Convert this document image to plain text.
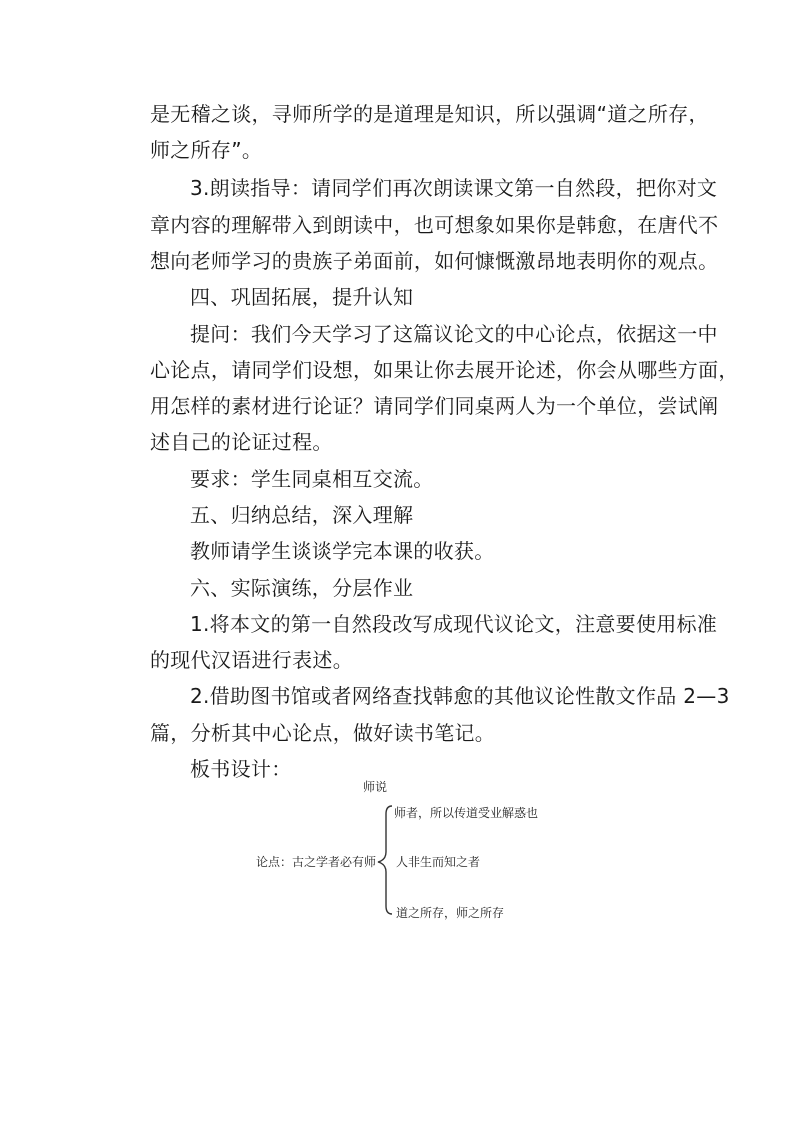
是无稽之谈，寻师所学的是道理是知识，所以强调“道之所存，
师之所存”。
3.朗读指导：请同学们再次朗读课文第一自然段，把你对文
章内容的理解带入到朗读中，也可想象如果你是韩愈，在唐代不
想向老师学习的贵族子弟面前，如何慷慨激昂地表明你的观点。
四、巩固拓展，提升认知
提问：我们今天学习了这篇议论文的中心论点，依据这一中
心论点，请同学们设想，如果让你去展开论述，你会从哪些方面，
用怎样的素材进行论证？请同学们同桌两人为一个单位，尝试阐
述自己的论证过程。
要求：学生同桌相互交流。
五、归纳总结，深入理解
教师请学生谈谈学完本课的收获。
六、实际演练，分层作业
1.将本文的第一自然段改写成现代议论文，注意要使用标准
的现代汉语进行表述。
2.借助图书馆或者网络查找韩愈的其他议论性散文作品 2—3
篇，分析其中心论点，做好读书笔记。
板书设计：
师说
师者，所以传道受业解惑也
论点：古之学者必有师 人非生而知之者
道之所存，师之所存
